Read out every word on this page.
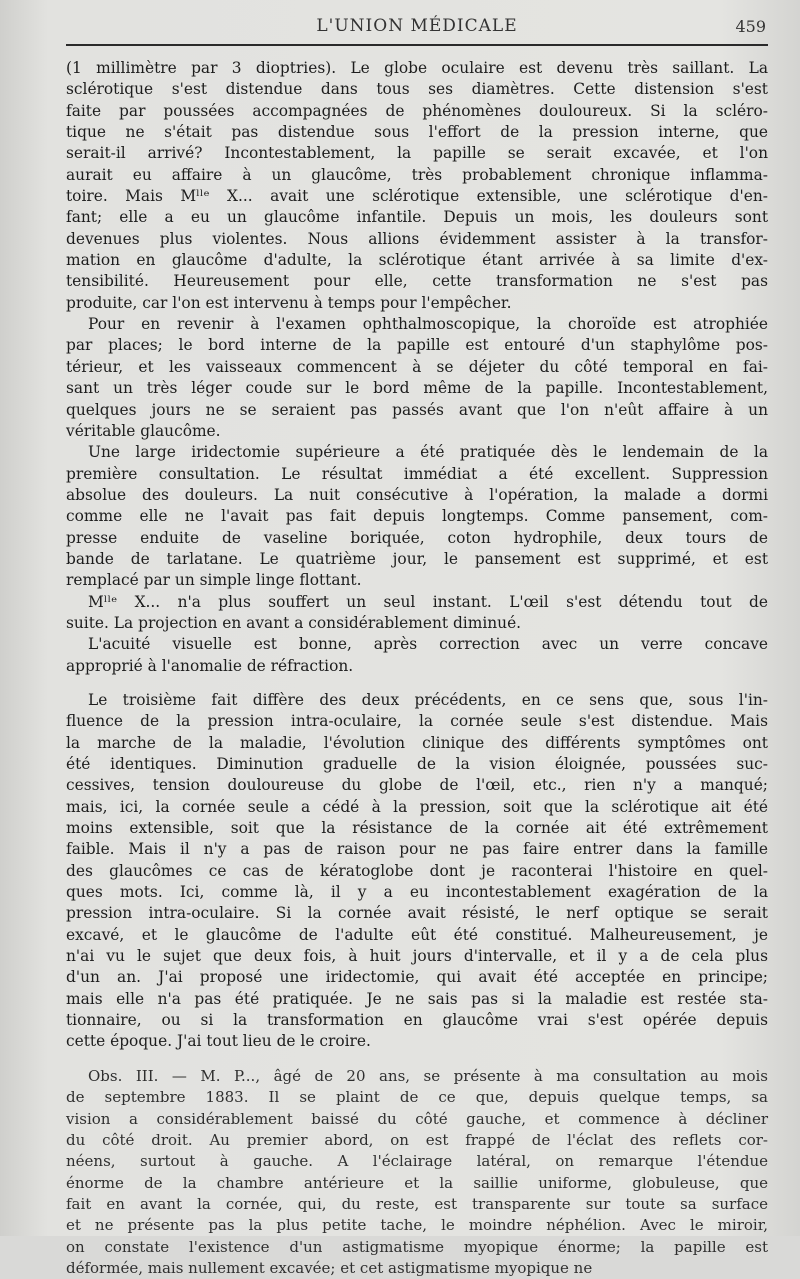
L'UNION MÉDICALE	459
(1 millimètre par 3 dioptries). Le globe oculaire est devenu très saillant. La
sclérotique s'est distendue dans tous ses diamètres. Cette distension s'est
faite par poussées accompagnées de phénomènes douloureux. Si la scléro-
tique ne s'était pas distendue sous l'effort de la pression interne, que
serait-il arrivé? Incontestablement, la papille se serait excavée, et l'on
aurait eu affaire à un glaucôme, très probablement chronique inflamma-
toire. Mais Mˡˡᵉ X... avait une sclérotique extensible, une sclérotique d'en-
fant; elle a eu un glaucôme infantile. Depuis un mois, les douleurs sont
devenues plus violentes. Nous allions évidemment assister à la transfor-
mation en glaucôme d'adulte, la sclérotique étant arrivée à sa limite d'ex-
tensibilité. Heureusement pour elle, cette transformation ne s'est pas
produite, car l'on est intervenu à temps pour l'empêcher.
Pour en revenir à l'examen ophthalmoscopique, la choroïde est atrophiée
par places; le bord interne de la papille est entouré d'un staphylôme pos-
térieur, et les vaisseaux commencent à se déjeter du côté temporal en fai-
sant un très léger coude sur le bord même de la papille. Incontestablement,
quelques jours ne se seraient pas passés avant que l'on n'eût affaire à un
véritable glaucôme.
Une large iridectomie supérieure a été pratiquée dès le lendemain de la
première consultation. Le résultat immédiat a été excellent. Suppression
absolue des douleurs. La nuit consécutive à l'opération, la malade a dormi
comme elle ne l'avait pas fait depuis longtemps. Comme pansement, com-
presse enduite de vaseline boriquée, coton hydrophile, deux tours de
bande de tarlatane. Le quatrième jour, le pansement est supprimé, et est
remplacé par un simple linge flottant.
Mˡˡᵉ X... n'a plus souffert un seul instant. L'œil s'est détendu tout de
suite. La projection en avant a considérablement diminué.
L'acuité visuelle est bonne, après correction avec un verre concave
approprié à l'anomalie de réfraction.
Le troisième fait diffère des deux précédents, en ce sens que, sous l'in-
fluence de la pression intra-oculaire, la cornée seule s'est distendue. Mais
la marche de la maladie, l'évolution clinique des différents symptômes ont
été identiques. Diminution graduelle de la vision éloignée, poussées suc-
cessives, tension douloureuse du globe de l'œil, etc., rien n'y a manqué;
mais, ici, la cornée seule a cédé à la pression, soit que la sclérotique ait été
moins extensible, soit que la résistance de la cornée ait été extrêmement
faible. Mais il n'y a pas de raison pour ne pas faire entrer dans la famille
des glaucômes ce cas de kératoglobe dont je raconterai l'histoire en quel-
ques mots. Ici, comme là, il y a eu incontestablement exagération de la
pression intra-oculaire. Si la cornée avait résisté, le nerf optique se serait
excavé, et le glaucôme de l'adulte eût été constitué. Malheureusement, je
n'ai vu le sujet que deux fois, à huit jours d'intervalle, et il y a de cela plus
d'un an. J'ai proposé une iridectomie, qui avait été acceptée en principe;
mais elle n'a pas été pratiquée. Je ne sais pas si la maladie est restée sta-
tionnaire, ou si la transformation en glaucôme vrai s'est opérée depuis
cette époque. J'ai tout lieu de le croire.
Obs. III. — M. P..., âgé de 20 ans, se présente à ma consultation au mois
de septembre 1883. Il se plaint de ce que, depuis quelque temps, sa
vision a considérablement baissé du côté gauche, et commence à décliner
du côté droit. Au premier abord, on est frappé de l'éclat des reflets cor-
néens, surtout à gauche. A l'éclairage latéral, on remarque l'étendue
énorme de la chambre antérieure et la saillie uniforme, globuleuse, que
fait en avant la cornée, qui, du reste, est transparente sur toute sa surface
et ne présente pas la plus petite tache, le moindre néphélion. Avec le miroir,
on constate l'existence d'un astigmatisme myopique énorme; la papille est
déformée, mais nullement excavée; et cet astigmatisme myopique ne
